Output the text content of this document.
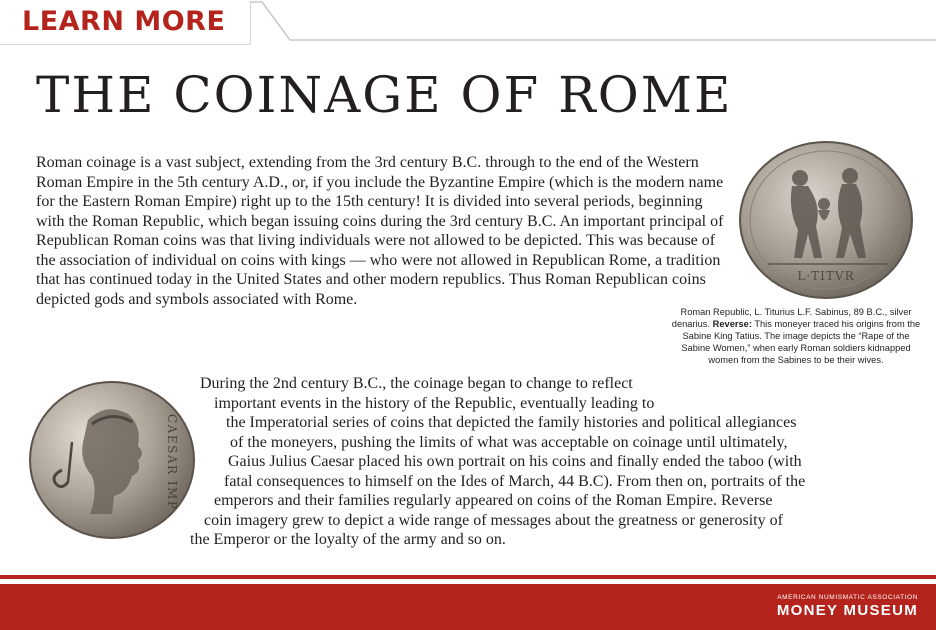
LEARN MORE
THE COINAGE OF ROME

Roman coinage is a vast subject, extending from the 3rd century B.C. through to the end of the Western Roman Empire in the 5th century A.D., or, if you include the Byzantine Empire (which is the modern name for the Eastern Roman Empire) right up to the 15th century! It is divided into several periods, beginning with the Roman Republic, which began issuing coins during the 3rd century B.C. An important principal of Republican Roman coins was that living individuals were not allowed to be depicted. This was because of the association of individual on coins with kings — who were not allowed in Republican Rome, a tradition that has continued today in the United States and other modern republics. Thus Roman Republican coins depicted gods and symbols associated with Rome.

L·TITVR
Roman Republic, L. Titurius L.F. Sabinus, 89 B.C., silver denarius. Reverse: This moneyer traced his origins from the Sabine King Tatius. The image depicts the “Rape of the Sabine Women,” when early Roman soldiers kidnapped women from the Sabines to be their wives.
CAESAR IMP
During the 2nd century B.C., the coinage began to change to reflect
important events in the history of the Republic, eventually leading to
the Imperatorial series of coins that depicted the family histories and political allegiances
of the moneyers, pushing the limits of what was acceptable on coinage until ultimately,
Gaius Julius Caesar placed his own portrait on his coins and finally ended the taboo (with
fatal consequences to himself on the Ides of March, 44 B.C). From then on, portraits of the
emperors and their families regularly appeared on coins of the Roman Empire. Reverse
coin imagery grew to depict a wide range of messages about the greatness or generosity of
the Emperor or the loyalty of the army and so on.
AMERICAN NUMISMATIC ASSOCIATION
MONEY MUSEUM
